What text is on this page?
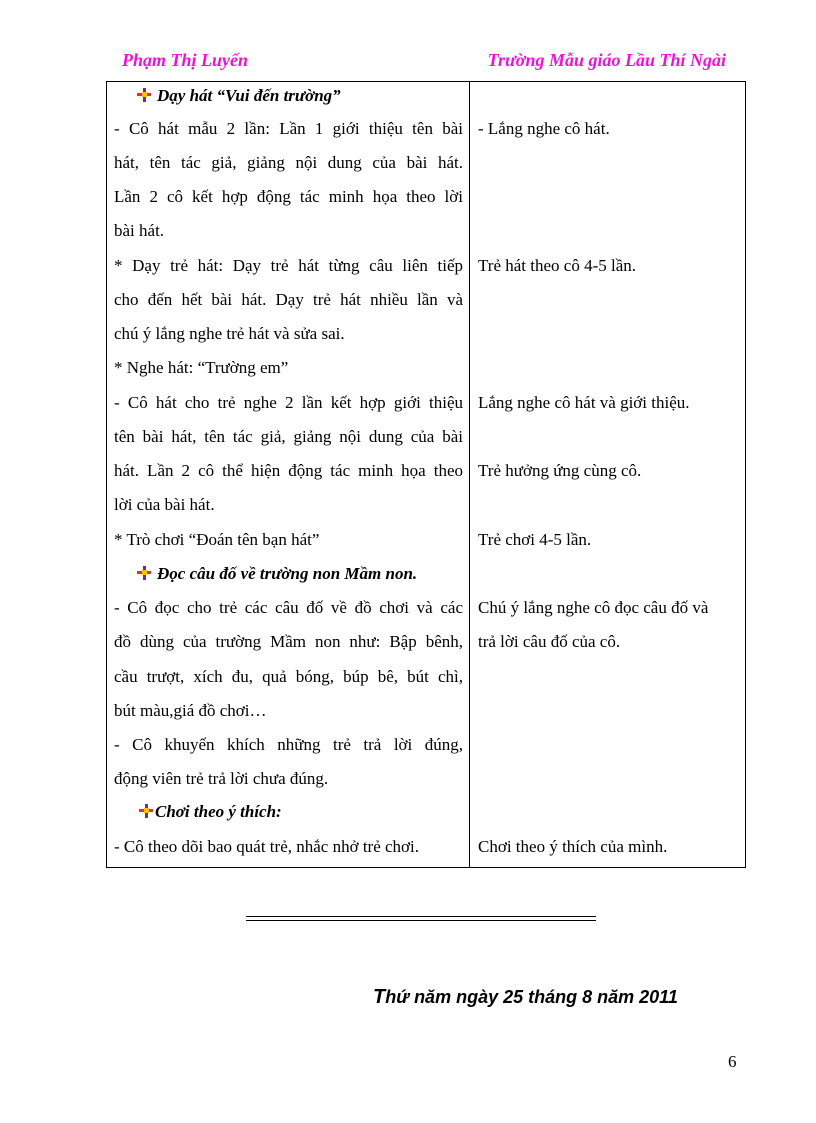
Phạm Thị Luyến	Trường Mẫu giáo Lầu Thí Ngài
Dạy hát “Vui đến trường”
- Cô hát mẫu 2 lần: Lần 1 giới thiệu tên bài
hát, tên tác giả, giảng nội dung của bài hát.
Lần 2 cô kết hợp động tác minh họa theo lời
bài hát.
* Dạy trẻ hát: Dạy trẻ hát từng câu liên tiếp
cho đến hết bài hát. Dạy trẻ hát nhiều lần và
chú ý lắng nghe trẻ hát và sửa sai.
* Nghe hát: “Trường em”
- Cô hát cho trẻ nghe 2 lần kết hợp giới thiệu
tên bài hát, tên tác giả, giảng nội dung của bài
hát. Lần 2 cô thể hiện động tác minh họa theo
lời của bài hát.
* Trò chơi “Đoán tên bạn hát”
Đọc câu đố về trường non Mầm non.
- Cô đọc cho trẻ các câu đố về đồ chơi và các
đồ dùng của trường Mầm non như: Bập bênh,
cầu trượt, xích đu, quả bóng, búp bê, bút chì,
bút màu,giá đồ chơi…
- Cô khuyến khích những trẻ trả lời đúng,
động viên trẻ trả lời chưa đúng.
Chơi theo ý thích:
- Cô theo dõi bao quát trẻ, nhắc nhở trẻ chơi.
- Lắng nghe cô hát.
Trẻ hát theo cô 4-5 lần.
Lắng nghe cô hát và giới thiệu.
Trẻ hưởng ứng cùng cô.
Trẻ chơi 4-5 lần.
Chú ý lắng nghe cô đọc câu đố và
trả lời câu đố của cô.
Chơi theo ý thích của mình.
Thứ năm ngày 25 tháng 8 năm 2011
6
